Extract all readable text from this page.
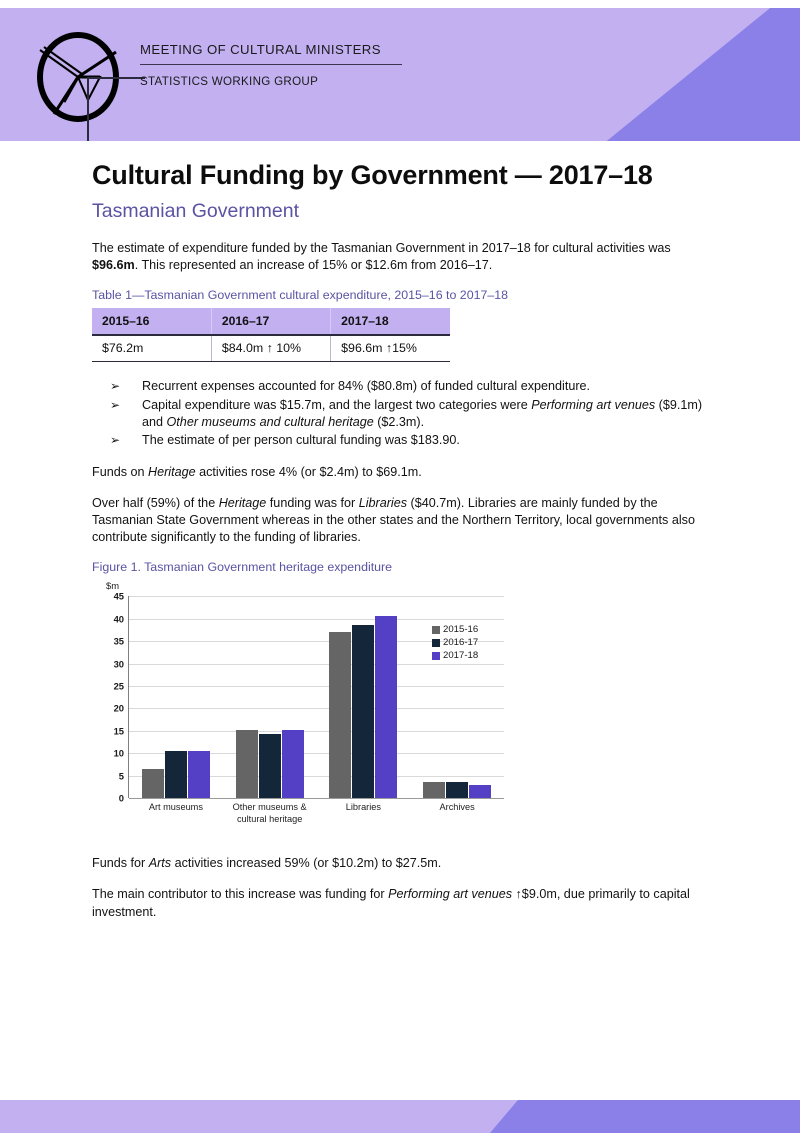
MEETING OF CULTURAL MINISTERS
STATISTICS WORKING GROUP
Cultural Funding by Government — 2017–18
Tasmanian Government

The estimate of expenditure funded by the Tasmanian Government in 2017–18 for cultural activities was $96.6m. This represented an increase of 15% or $12.6m from 2016–17.

Table 1—Tasmanian Government cultural expenditure, 2015–16 to 2017–18
2015–16	2016–17	2017–18
$76.2m	$84.0m ↑ 10%	$96.6m ↑15%
➢ Recurrent expenses accounted for 84% ($80.8m) of funded cultural expenditure.
➢ Capital expenditure was $15.7m, and the largest two categories were Performing art venues ($9.1m) and Other museums and cultural heritage ($2.3m).
➢ The estimate of per person cultural funding was $183.90.

Funds on Heritage activities rose 4% (or $2.4m) to $69.1m.

Over half (59%) of the Heritage funding was for Libraries ($40.7m). Libraries are mainly funded by the Tasmanian State Government whereas in the other states and the Northern Territory, local governments also contribute significantly to the funding of libraries.

Figure 1. Tasmanian Government heritage expenditure
$m
45
40
35
30
25
20
15
10
5
0
Art museums	Other museums & cultural heritage
Libraries	Archives
2015-16
2016-17
2017-18

Funds for Arts activities increased 59% (or $10.2m) to $27.5m.

The main contributor to this increase was funding for Performing art venues ↑$9.0m, due primarily to capital investment.
